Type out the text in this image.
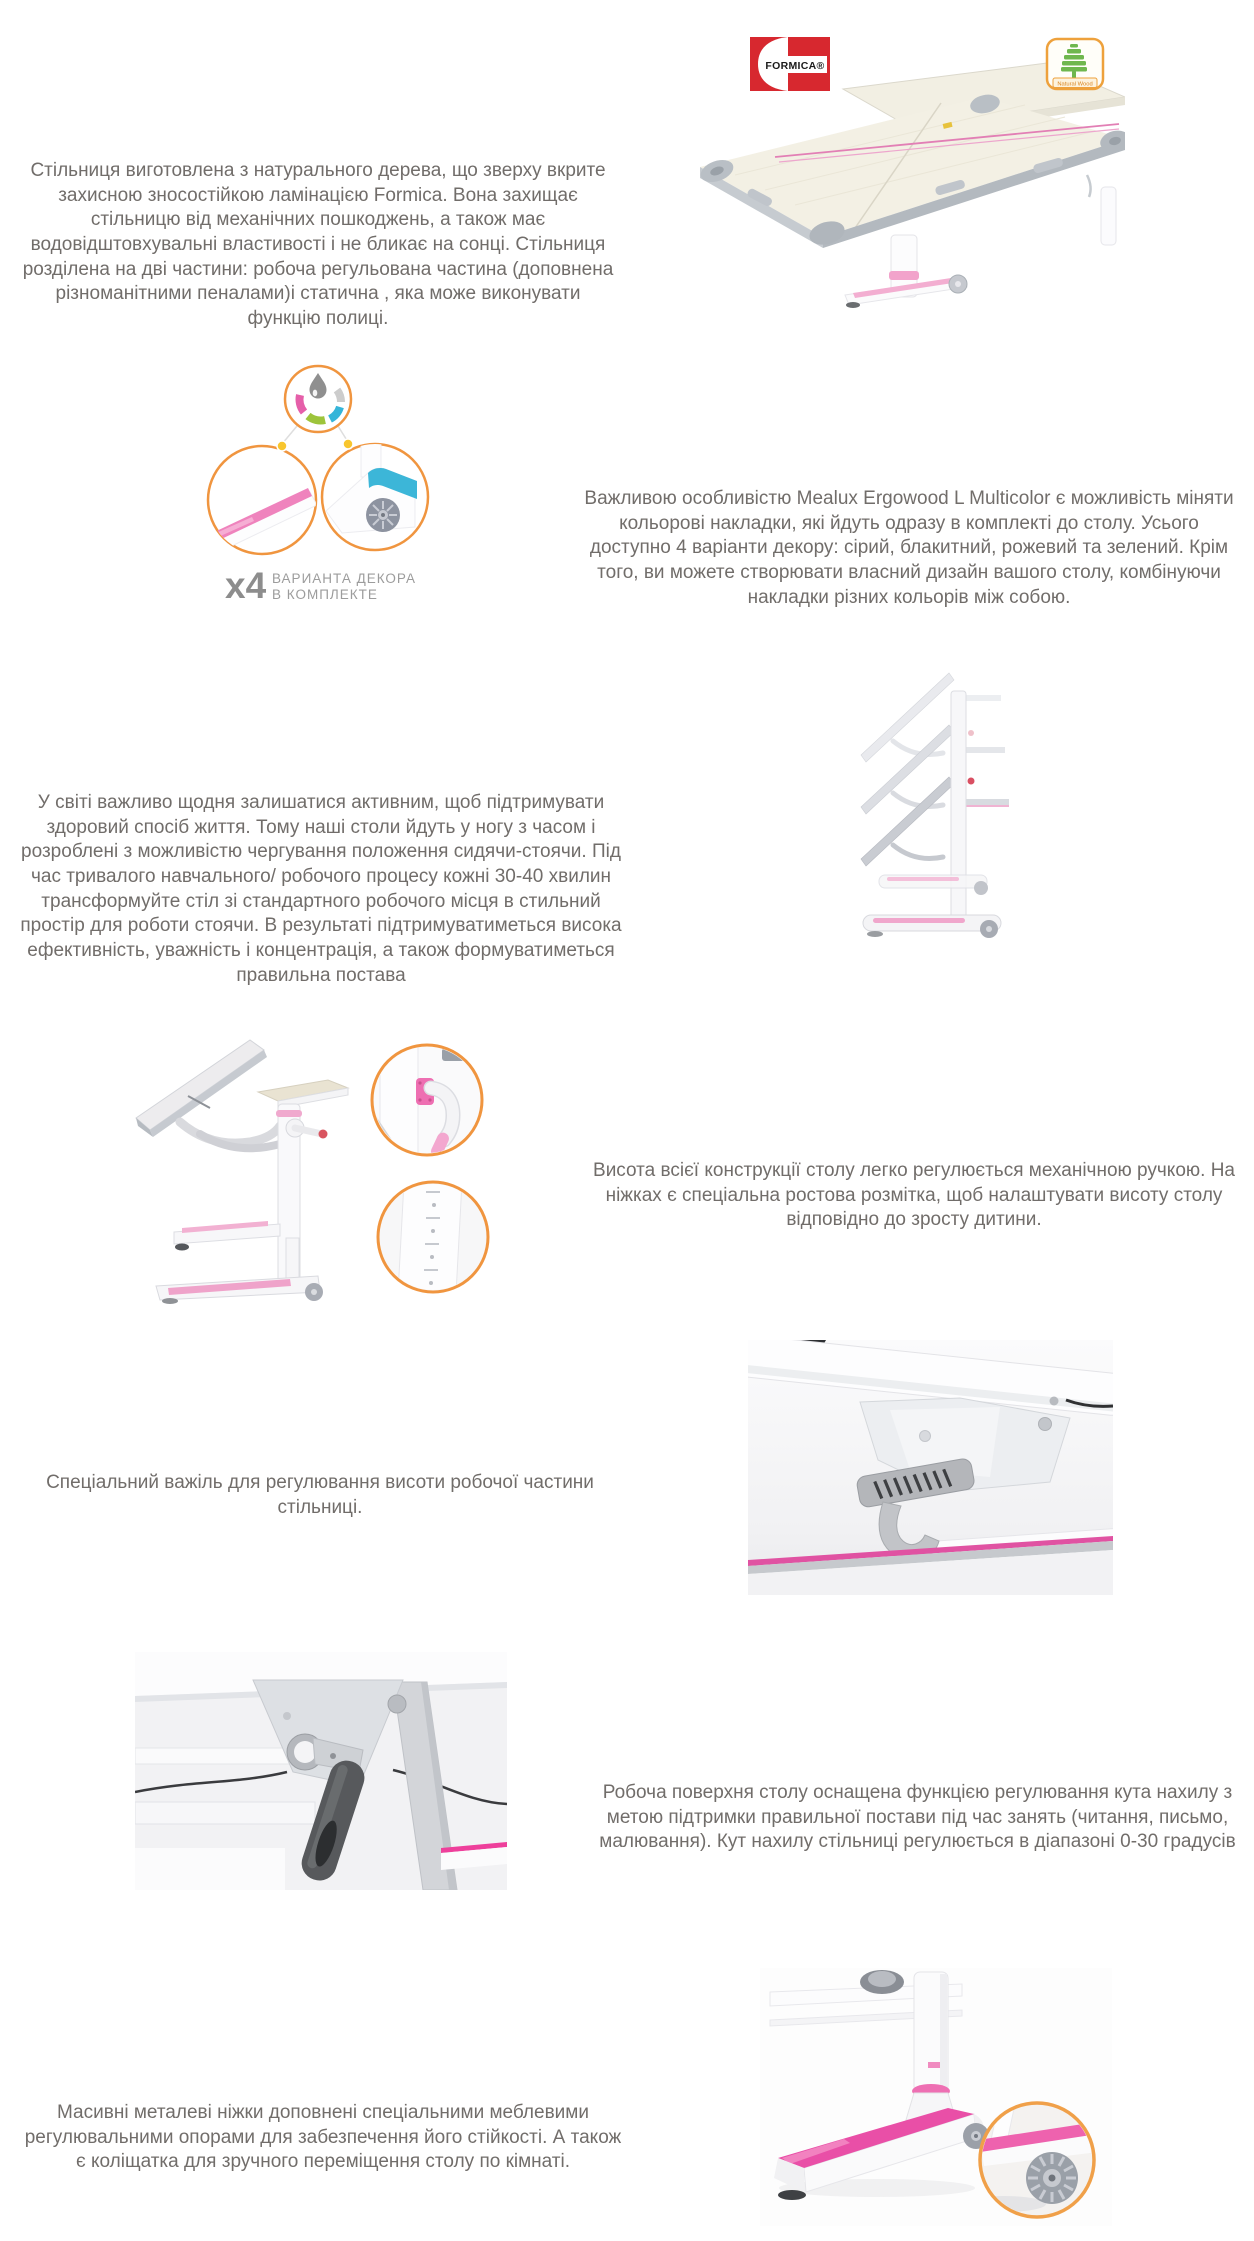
Стільниця виготовлена з натурального дерева, що зверху вкрите захисною зносостійкою ламінацією Formica. Вона захищає стільницю від механічних пошкоджень, а також має водовідштовхувальні властивості і не бликає на сонці. Стільниця розділена на дві частини: робоча регульована частина (доповнена різноманітними пеналами)і статична , яка може виконувати функцію полиці.

Важливою особливістю Mealux Ergowood L Multicolor є можливість міняти кольорові накладки, які йдуть одразу в комплекті до столу. Усього доступно 4 варіанти декору: сірий, блакитний, рожевий та зелений. Крім того, ви можете створювати власний дизайн вашого столу, комбінуючи накладки різних кольорів між собою.

У світі важливо щодня залишатися активним, щоб підтримувати здоровий спосіб життя. Тому наші столи йдуть у ногу з часом і розроблені з можливістю чергування положення сидячи-стоячи. Під час тривалого навчального/ робочого процесу кожні 30-40 хвилин трансформуйте стіл зі стандартного робочого місця в стильний простір для роботи стоячи. В результаті підтримуватиметься висока ефективність, уважність і концентрація, а також формуватиметься правильна постава

Висота всієї конструкції столу легко регулюється механічною ручкою. На ніжках є спеціальна ростова розмітка, щоб налаштувати висоту столу відповідно до зросту дитини.

Спеціальний важіль для регулювання висоти робочої частини стільниці.

Робоча поверхня столу оснащена функцією регулювання кута нахилу з метою підтримки правильної постави під час занять (читання, письмо, малювання). Кут нахилу стільниці регулюється в діапазоні 0-30 градусів

Масивні металеві ніжки доповнені спеціальними меблевими регулювальними опорами для забезпечення його стійкості. А також є коліщатка для зручного переміщення столу по кімнаті.

FORMICA®
Natural Wood
x4 ВАРИАНТА ДЕКОРА
В КОМПЛЕКТЕ
